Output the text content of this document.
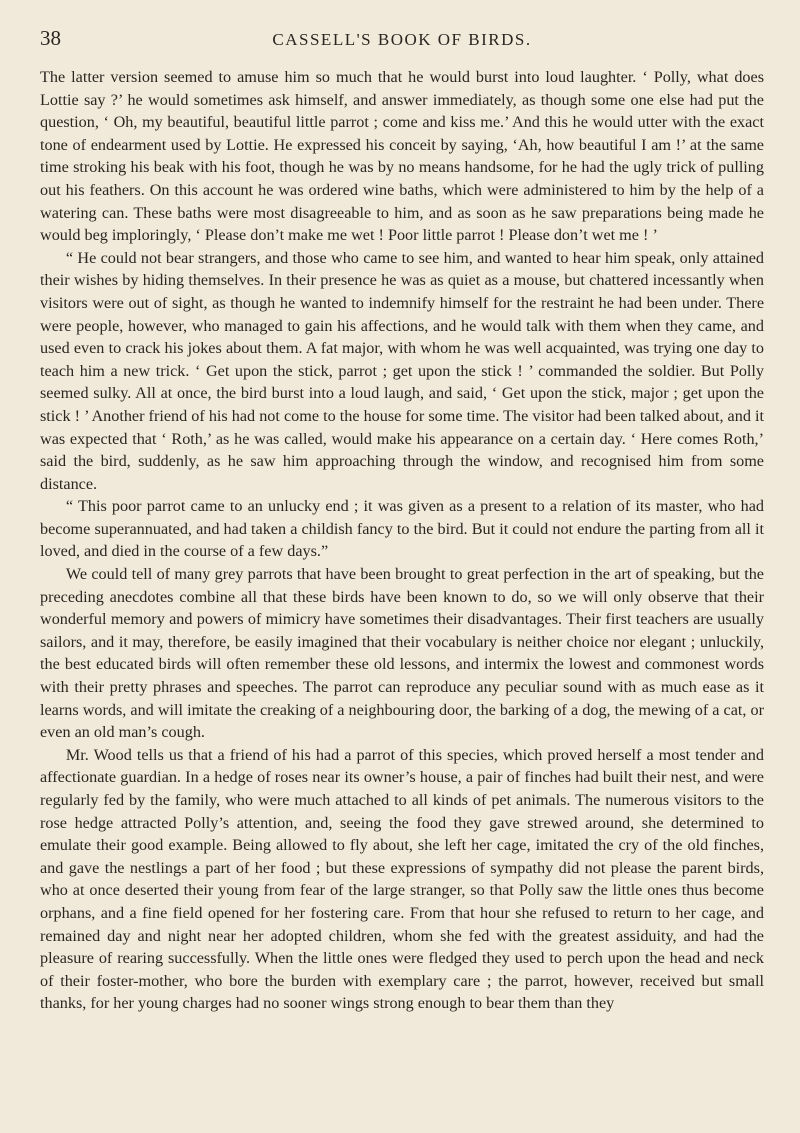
38	CASSELL'S BOOK OF BIRDS.

The latter version seemed to amuse him so much that he would burst into loud laughter. ‘ Polly, what does Lottie say ?’ he would sometimes ask himself, and answer immediately, as though some one else had put the question, ‘ Oh, my beautiful, beautiful little parrot ; come and kiss me.’ And this he would utter with the exact tone of endearment used by Lottie. He expressed his conceit by saying, ‘Ah, how beautiful I am !’ at the same time stroking his beak with his foot, though he was by no means handsome, for he had the ugly trick of pulling out his feathers. On this account he was ordered wine baths, which were administered to him by the help of a watering can. These baths were most disagreeable to him, and as soon as he saw preparations being made he would beg imploringly, ‘ Please don’t make me wet ! Poor little parrot ! Please don’t wet me ! ’

“ He could not bear strangers, and those who came to see him, and wanted to hear him speak, only attained their wishes by hiding themselves. In their presence he was as quiet as a mouse, but chattered incessantly when visitors were out of sight, as though he wanted to indemnify himself for the restraint he had been under. There were people, however, who managed to gain his affections, and he would talk with them when they came, and used even to crack his jokes about them. A fat major, with whom he was well acquainted, was trying one day to teach him a new trick. ‘ Get upon the stick, parrot ; get upon the stick ! ’ commanded the soldier. But Polly seemed sulky. All at once, the bird burst into a loud laugh, and said, ‘ Get upon the stick, major ; get upon the stick ! ’ Another friend of his had not come to the house for some time. The visitor had been talked about, and it was expected that ‘ Roth,’ as he was called, would make his appearance on a certain day. ‘ Here comes Roth,’ said the bird, suddenly, as he saw him approaching through the window, and recognised him from some distance.

“ This poor parrot came to an unlucky end ; it was given as a present to a relation of its master, who had become superannuated, and had taken a childish fancy to the bird. But it could not endure the parting from all it loved, and died in the course of a few days.”

We could tell of many grey parrots that have been brought to great perfection in the art of speaking, but the preceding anecdotes combine all that these birds have been known to do, so we will only observe that their wonderful memory and powers of mimicry have sometimes their disadvantages. Their first teachers are usually sailors, and it may, therefore, be easily imagined that their vocabulary is neither choice nor elegant ; unluckily, the best educated birds will often remember these old lessons, and intermix the lowest and commonest words with their pretty phrases and speeches. The parrot can reproduce any peculiar sound with as much ease as it learns words, and will imitate the creaking of a neighbouring door, the barking of a dog, the mewing of a cat, or even an old man’s cough.

Mr. Wood tells us that a friend of his had a parrot of this species, which proved herself a most tender and affectionate guardian. In a hedge of roses near its owner’s house, a pair of finches had built their nest, and were regularly fed by the family, who were much attached to all kinds of pet animals. The numerous visitors to the rose hedge attracted Polly’s attention, and, seeing the food they gave strewed around, she determined to emulate their good example. Being allowed to fly about, she left her cage, imitated the cry of the old finches, and gave the nestlings a part of her food ; but these expressions of sympathy did not please the parent birds, who at once deserted their young from fear of the large stranger, so that Polly saw the little ones thus become orphans, and a fine field opened for her fostering care. From that hour she refused to return to her cage, and remained day and night near her adopted children, whom she fed with the greatest assiduity, and had the pleasure of rearing successfully. When the little ones were fledged they used to perch upon the head and neck of their foster-mother, who bore the burden with exemplary care ; the parrot, however, received but small thanks, for her young charges had no sooner wings strong enough to bear them than they
